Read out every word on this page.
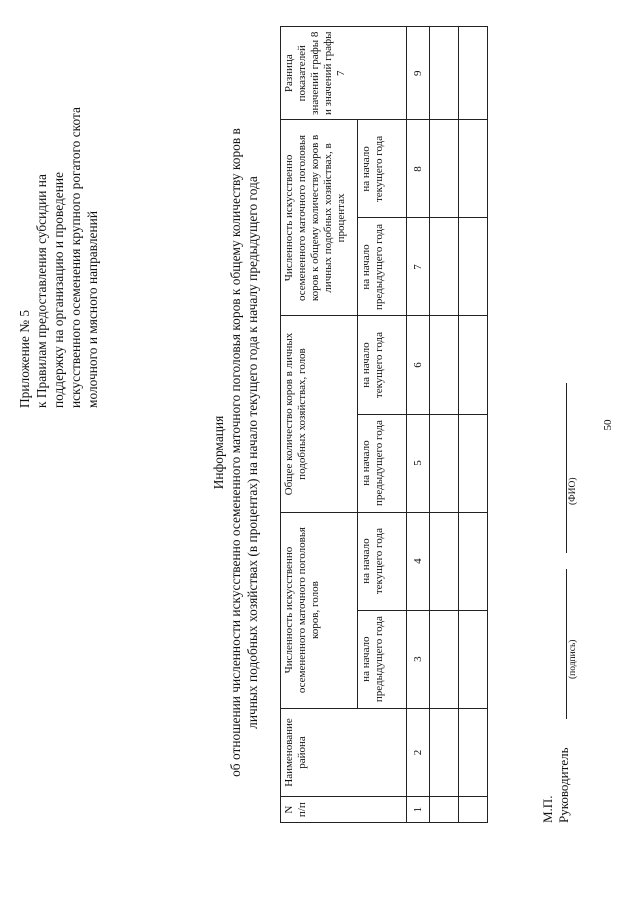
50
Приложение № 5 к Правилам предоставления субсидии на поддержку на организацию и проведение искусственного осеменения крупного рогатого скота молочного и мясного направлений
Информация об отношении численности искусственно осемененного маточного поголовья коров к общему количеству коров в личных подобных хозяйствах (в процентах) на начало текущего года к началу предыдущего года
N п/п	Наименование района	Численность искусственно осемененного маточного поголовья коров, голов		Общее количество коров в личных подобных хозяйствах, голов		Численность искусственно осемененного маточного поголовья коров к общему количеству коров в личных подобных хозяйствах, в процентах		Разница показателей значений графы 8 и значений графы 7
		на начало предыдущего года	на начало текущего года	на начало предыдущего года	на начало текущего года	на начало предыдущего года	на начало текущего года	
1	2	3	4	5	6	7	8	9

М.П. Руководитель
(подпись)
(ФИО)
